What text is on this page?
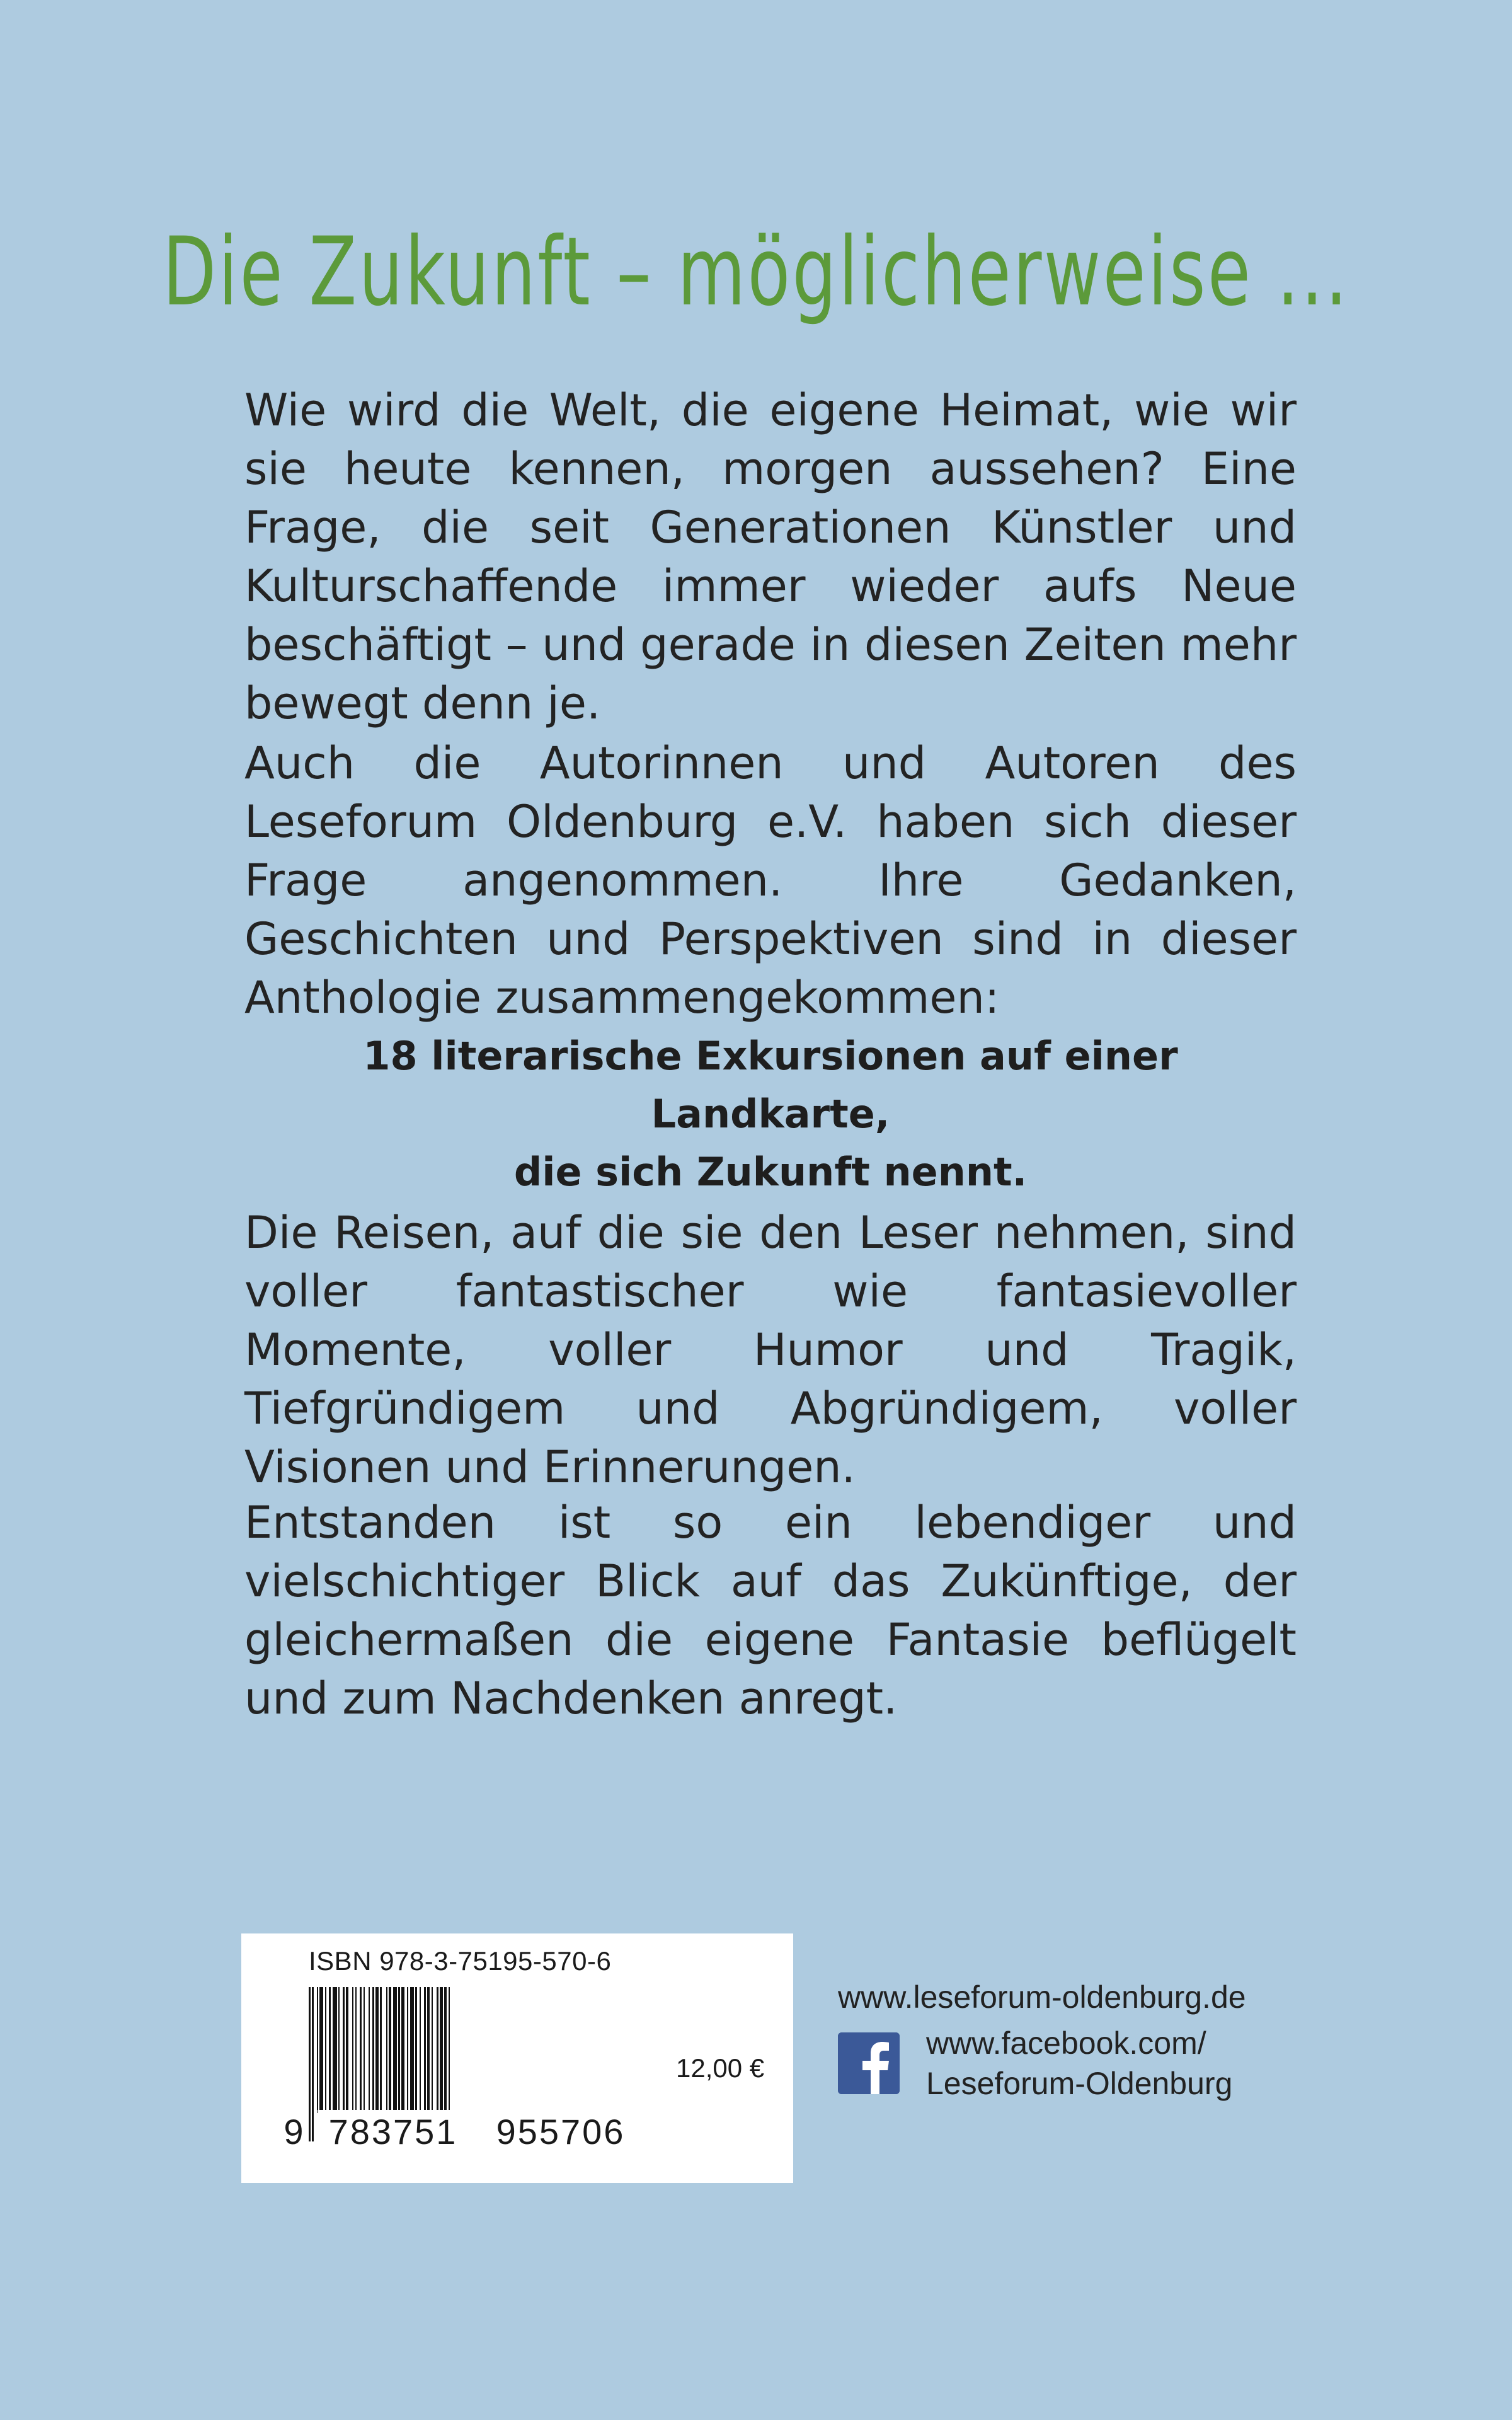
Die Zukunft – möglicherweise ...

Wie wird die Welt, die eigene Heimat, wie wir sie heute kennen, morgen aussehen? Eine Frage, die seit Generationen Künstler und Kulturschaffende immer wieder aufs Neue beschäftigt – und gerade in diesen Zeiten mehr bewegt denn je.

Auch die Autorinnen und Autoren des Leseforum Oldenburg e.V. haben sich dieser Frage angenommen. Ihre Gedanken, Geschichten und Perspektiven sind in dieser Anthologie zusammengekommen:

18 literarische Exkursionen auf einer Landkarte,
die sich Zukunft nennt.

Die Reisen, auf die sie den Leser nehmen, sind voller fantastischer wie fantasievoller Momente, voller Humor und Tragik, Tiefgründigem und Abgründigem, voller Visionen und Erinnerungen.

Entstanden ist so ein lebendiger und vielschichtiger Blick auf das Zukünftige, der gleichermaßen die eigene Fantasie beflügelt und zum Nachdenken anregt.

ISBN 978-3-75195-570-6
9 783751	955706
12,00 €

www.leseforum-oldenburg.de

www.facebook.com/
Leseforum-Oldenburg
